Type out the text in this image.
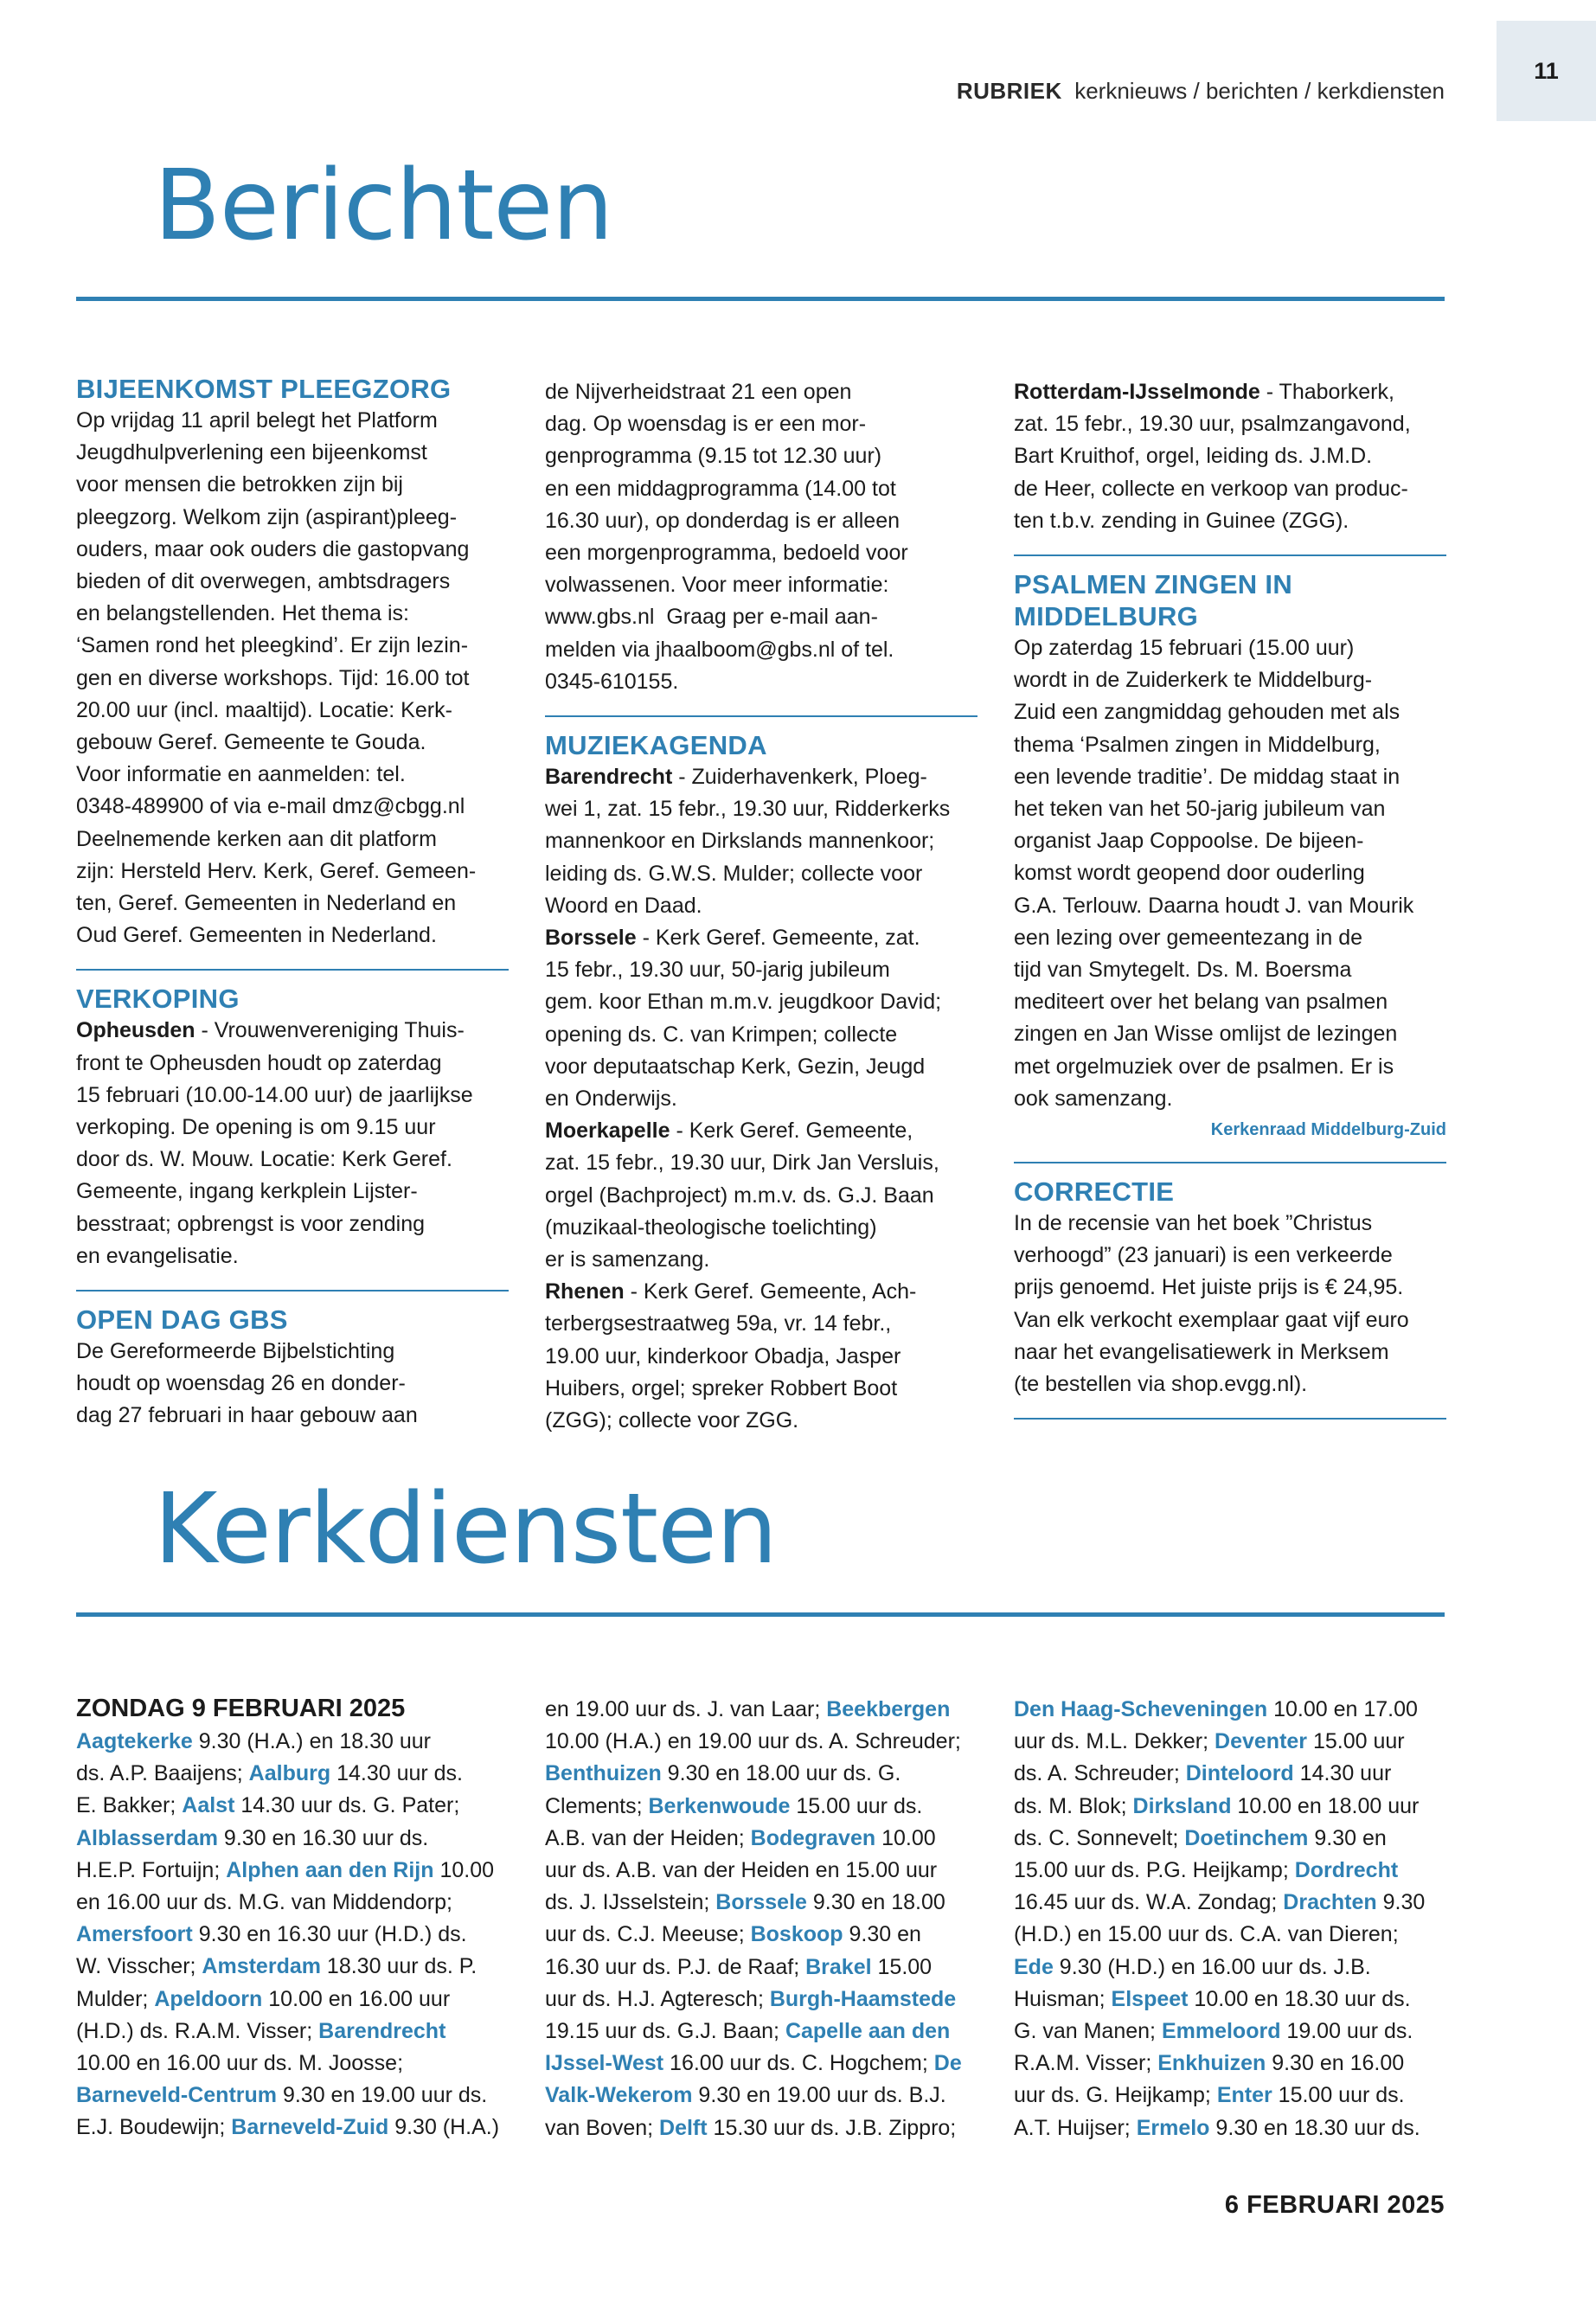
11
RUBRIEK kerknieuws / berichten / kerkdiensten
Berichten
BIJEENKOMST PLEEGZORG
Op vrijdag 11 april belegt het Platform
Jeugdhulpverlening een bijeenkomst
voor mensen die betrokken zijn bij
pleegzorg. Welkom zijn (aspirant)pleeg-
ouders, maar ook ouders die gastopvang
bieden of dit overwegen, ambtsdragers
en belangstellenden. Het thema is:
‘Samen rond het pleegkind’. Er zijn lezin-
gen en diverse workshops. Tijd: 16.00 tot
20.00 uur (incl. maaltijd). Locatie: Kerk-
gebouw Geref. Gemeente te Gouda.
Voor informatie en aanmelden: tel.
0348-489900 of via e-mail dmz@cbgg.nl
Deelnemende kerken aan dit platform
zijn: Hersteld Herv. Kerk, Geref. Gemeen-
ten, Geref. Gemeenten in Nederland en
Oud Geref. Gemeenten in Nederland.
VERKOPING
Opheusden - Vrouwenvereniging Thuis-
front te Opheusden houdt op zaterdag
15 februari (10.00-14.00 uur) de jaarlijkse
verkoping. De opening is om 9.15 uur
door ds. W. Mouw. Locatie: Kerk Geref.
Gemeente, ingang kerkplein Lijster-
besstraat; opbrengst is voor zending
en evangelisatie.
OPEN DAG GBS
De Gereformeerde Bijbelstichting
houdt op woensdag 26 en donder-
dag 27 februari in haar gebouw aan
de Nijverheidstraat 21 een open
dag. Op woensdag is er een mor-
genprogramma (9.15 tot 12.30 uur)
en een middagprogramma (14.00 tot
16.30 uur), op donderdag is er alleen
een morgenprogramma, bedoeld voor
volwassenen. Voor meer informatie:
www.gbs.nl  Graag per e-mail aan-
melden via jhaalboom@gbs.nl of tel.
0345-610155.
MUZIEKAGENDA
Barendrecht - Zuiderhavenkerk, Ploeg-
wei 1, zat. 15 febr., 19.30 uur, Ridderkerks
mannenkoor en Dirkslands mannenkoor;
leiding ds. G.W.S. Mulder; collecte voor
Woord en Daad.
Borssele - Kerk Geref. Gemeente, zat.
15 febr., 19.30 uur, 50-jarig jubileum
gem. koor Ethan m.m.v. jeugdkoor David;
opening ds. C. van Krimpen; collecte
voor deputaatschap Kerk, Gezin, Jeugd
en Onderwijs.
Moerkapelle - Kerk Geref. Gemeente,
zat. 15 febr., 19.30 uur, Dirk Jan Versluis,
orgel (Bachproject) m.m.v. ds. G.J. Baan
(muzikaal-theologische toelichting)
er is samenzang.
Rhenen - Kerk Geref. Gemeente, Ach-
terbergsestraatweg 59a, vr. 14 febr.,
19.00 uur, kinderkoor Obadja, Jasper
Huibers, orgel; spreker Robbert Boot
(ZGG); collecte voor ZGG.
Rotterdam-IJsselmonde - Thaborkerk,
zat. 15 febr., 19.30 uur, psalmzangavond,
Bart Kruithof, orgel, leiding ds. J.M.D.
de Heer, collecte en verkoop van produc-
ten t.b.v. zending in Guinee (ZGG).
PSALMEN ZINGEN IN
MIDDELBURG
Op zaterdag 15 februari (15.00 uur)
wordt in de Zuiderkerk te Middelburg-
Zuid een zangmiddag gehouden met als
thema ‘Psalmen zingen in Middelburg,
een levende traditie’. De middag staat in
het teken van het 50-jarig jubileum van
organist Jaap Coppoolse. De bijeen-
komst wordt geopend door ouderling
G.A. Terlouw. Daarna houdt J. van Mourik
een lezing over gemeentezang in de
tijd van Smytegelt. Ds. M. Boersma
mediteert over het belang van psalmen
zingen en Jan Wisse omlijst de lezingen
met orgelmuziek over de psalmen. Er is
ook samenzang.
Kerkenraad Middelburg-Zuid
CORRECTIE
In de recensie van het boek ”Christus
verhoogd” (23 januari) is een verkeerde
prijs genoemd. Het juiste prijs is € 24,95.
Van elk verkocht exemplaar gaat vijf euro
naar het evangelisatiewerk in Merksem
(te bestellen via shop.evgg.nl).
Kerkdiensten
ZONDAG 9 FEBRUARI 2025
Aagtekerke 9.30 (H.A.) en 18.30 uur
ds. A.P. Baaijens; Aalburg 14.30 uur ds.
E. Bakker; Aalst 14.30 uur ds. G. Pater;
Alblasserdam 9.30 en 16.30 uur ds.
H.E.P. Fortuijn; Alphen aan den Rijn 10.00
en 16.00 uur ds. M.G. van Middendorp;
Amersfoort 9.30 en 16.30 uur (H.D.) ds.
W. Visscher; Amsterdam 18.30 uur ds. P.
Mulder; Apeldoorn 10.00 en 16.00 uur
(H.D.) ds. R.A.M. Visser; Barendrecht
10.00 en 16.00 uur ds. M. Joosse;
Barneveld-Centrum 9.30 en 19.00 uur ds.
E.J. Boudewijn; Barneveld-Zuid 9.30 (H.A.)
en 19.00 uur ds. J. van Laar; Beekbergen
10.00 (H.A.) en 19.00 uur ds. A. Schreuder;
Benthuizen 9.30 en 18.00 uur ds. G.
Clements; Berkenwoude 15.00 uur ds.
A.B. van der Heiden; Bodegraven 10.00
uur ds. A.B. van der Heiden en 15.00 uur
ds. J. IJsselstein; Borssele 9.30 en 18.00
uur ds. C.J. Meeuse; Boskoop 9.30 en
16.30 uur ds. P.J. de Raaf; Brakel 15.00
uur ds. H.J. Agteresch; Burgh-Haamstede
19.15 uur ds. G.J. Baan; Capelle aan den
IJssel-West 16.00 uur ds. C. Hogchem; De
Valk-Wekerom 9.30 en 19.00 uur ds. B.J.
van Boven; Delft 15.30 uur ds. J.B. Zippro;
Den Haag-Scheveningen 10.00 en 17.00
uur ds. M.L. Dekker; Deventer 15.00 uur
ds. A. Schreuder; Dinteloord 14.30 uur
ds. M. Blok; Dirksland 10.00 en 18.00 uur
ds. C. Sonnevelt; Doetinchem 9.30 en
15.00 uur ds. P.G. Heijkamp; Dordrecht
16.45 uur ds. W.A. Zondag; Drachten 9.30
(H.D.) en 15.00 uur ds. C.A. van Dieren;
Ede 9.30 (H.D.) en 16.00 uur ds. J.B.
Huisman; Elspeet 10.00 en 18.30 uur ds.
G. van Manen; Emmeloord 19.00 uur ds.
R.A.M. Visser; Enkhuizen 9.30 en 16.00
uur ds. G. Heijkamp; Enter 15.00 uur ds.
A.T. Huijser; Ermelo 9.30 en 18.30 uur ds.
6 FEBRUARI 2025
